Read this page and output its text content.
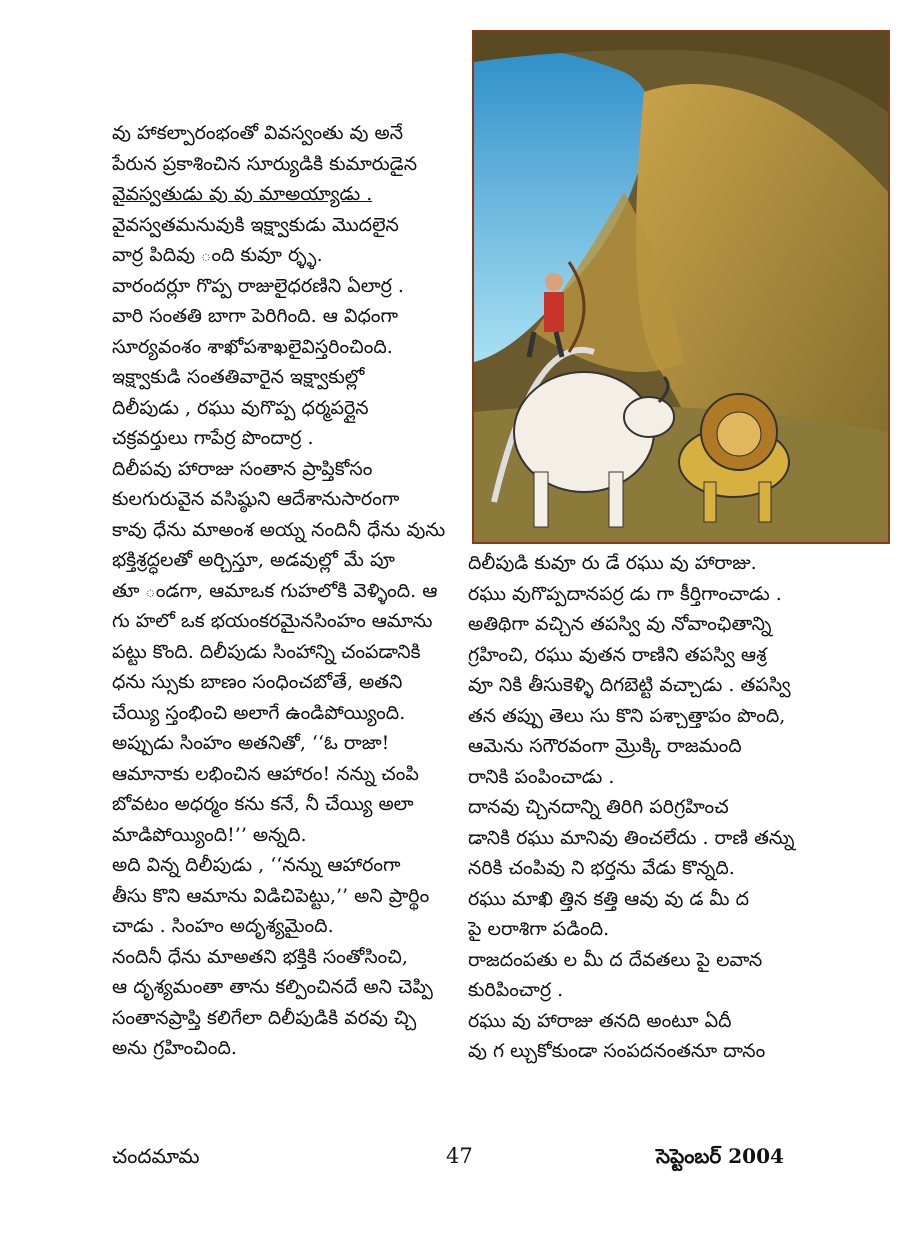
వు హాకల్పారంభంతో వివస్వంతు వు అనే
పేరున ప్రకాశించిన సూర్యుడికి కుమారుడైన
వైవస్వతుడు వు వు మాఅయ్యాడు .
వైవస్వతమనువుకి ఇక్ష్వాకుడు మొదలైన
వార్ర పిదివు ంది కువూ ర్ళ్ళ.
వారందర్లూ గొప్ప రాజులైధరణిని ఏలార్ర .
వారి సంతతి బాగా పెరిగింది. ఆ విధంగా
సూర్యవంశం శాఖోపశాఖలైవిస్తరించింది.
ఇక్ష్వాకుడి సంతతివారైన ఇక్ష్వాకుల్లో
దిలీపుడు , రఘు వుగొప్ప ధర్మపర్లైన
చక్రవర్తులు గాపేర్ర పొందార్ర .
దిలీపవు హారాజు సంతాన ప్రాప్తికోసం
కులగురువైన వసిష్ఠుని ఆదేశానుసారంగా
కావు ధేను మాఅంశ అయ్న నందినీ ధేను వును
భక్తిశ్రద్ధలతో అర్చిస్తూ, అడవుల్లో మే పూ
తూ ండగా, ఆమాఒక గుహలోకి వెళ్ళింది. ఆ
గు హలో ఒక భయంకరమైనసింహం ఆమాను
పట్టు కొంది. దిలీపుడు సింహాన్ని చంపడానికి
ధను స్సుకు బాణం సంధించబోతే, అతని
చేయ్యి స్తంభించి అలాగే ఉండిపోయ్యింది.
అప్పుడు సింహం అతనితో, ‘‘ఓ రాజా!
ఆమానాకు లభించిన ఆహారం! నన్ను చంపి
బోవటం అధర్మం కను కనే, నీ చేయ్యి అలా
మాడిపోయ్యింది!’’ అన్నది.
అది విన్న దిలీపుడు , ‘‘నన్ను ఆహారంగా
తీసు కొని ఆమాను విడిచిపెట్టు,’’ అని ప్రార్థిం
చాడు . సింహం అదృశ్యమైంది.
నందినీ ధేను మాఅతని భక్తికి సంతోసించి,
ఆ దృశ్యమంతా తాను కల్పించినదే అని చెప్పి
సంతానప్రాప్తి కలిగేలా దిలీపుడికి వరవు చ్చి
అను గ్రహించింది.
దిలీపుడి కువూ రు డే రఘు వు హారాజు.
రఘు వుగొప్పదానపర్ర డు గా కీర్తిగాంచాడు .
అతిథిగా వచ్చిన తపస్వి వు నోవాంఛితాన్ని
గ్రహించి, రఘు వుతన రాణిని తపస్వి ఆశ్ర
వూ నికి తీసుకెళ్ళి దిగబెట్టి వచ్చాడు . తపస్వి
తన తప్పు తెలు సు కొని పశ్చాత్తాపం పొంది,
ఆమెను సగౌరవంగా మ్రొక్కి రాజమంది
రానికి పంపించాడు .
దానవు చ్చినదాన్ని తిరిగి పరిగ్రహించ
డానికి రఘు మానివు తించలేదు . రాణి తన్ను
నరికి చంపివు ని భర్తను వేడు కొన్నది.
రఘు మాఖి త్తిన కత్తి ఆవు వు డ మీ ద
పై లరాశిగా పడింది.
రాజదంపతు ల మీ ద దేవతలు పై లవాన
కురిపించార్ర .
రఘు వు హారాజు తనది అంటూ ఏదీ
వు గ ల్చుకోకుండా సంపదనంతనూ దానం
చందమామ	47	సెప్టెంబర్ 2004
